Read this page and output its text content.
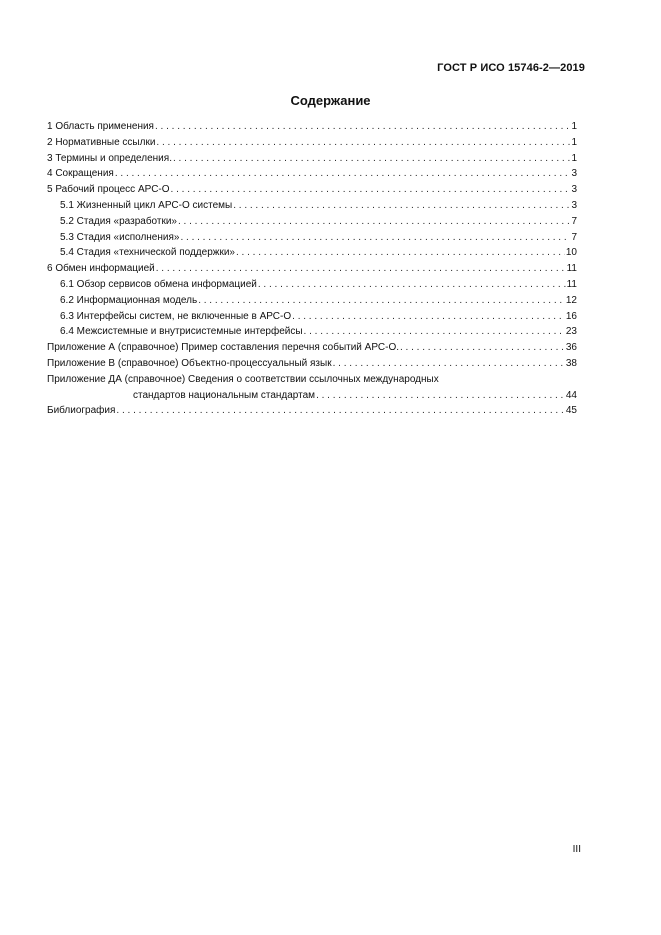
ГОСТ Р ИСО 15746-2—2019
Содержание
1 Область применения . . .	1
2 Нормативные ссылки . . .	1
3 Термины и определения. . . .	1
4 Сокращения . . .	3
5 Рабочий процесс АРС-О . . .	3
5.1 Жизненный цикл АРС-О системы . . .	3
5.2 Стадия «разработки» . . .	7
5.3 Стадия «исполнения» . . .	7
5.4 Стадия «технической поддержки» . . .	10
6 Обмен информацией . . .	11
6.1 Обзор сервисов обмена информацией . . .	11
6.2 Информационная модель . . .	12
6.3 Интерфейсы систем, не включенные в АРС-О . . .	16
6.4 Межсистемные и внутрисистемные интерфейсы . . .	23
Приложение А (справочное) Пример составления перечня событий АРС-О. . . .	36
Приложение В (справочное) Объектно-процессуальный язык . . .	38
Приложение ДА (справочное) Сведения о соответствии ссылочных международных
стандартов национальным стандартам . . .	44
Библиография . . .	45
III
